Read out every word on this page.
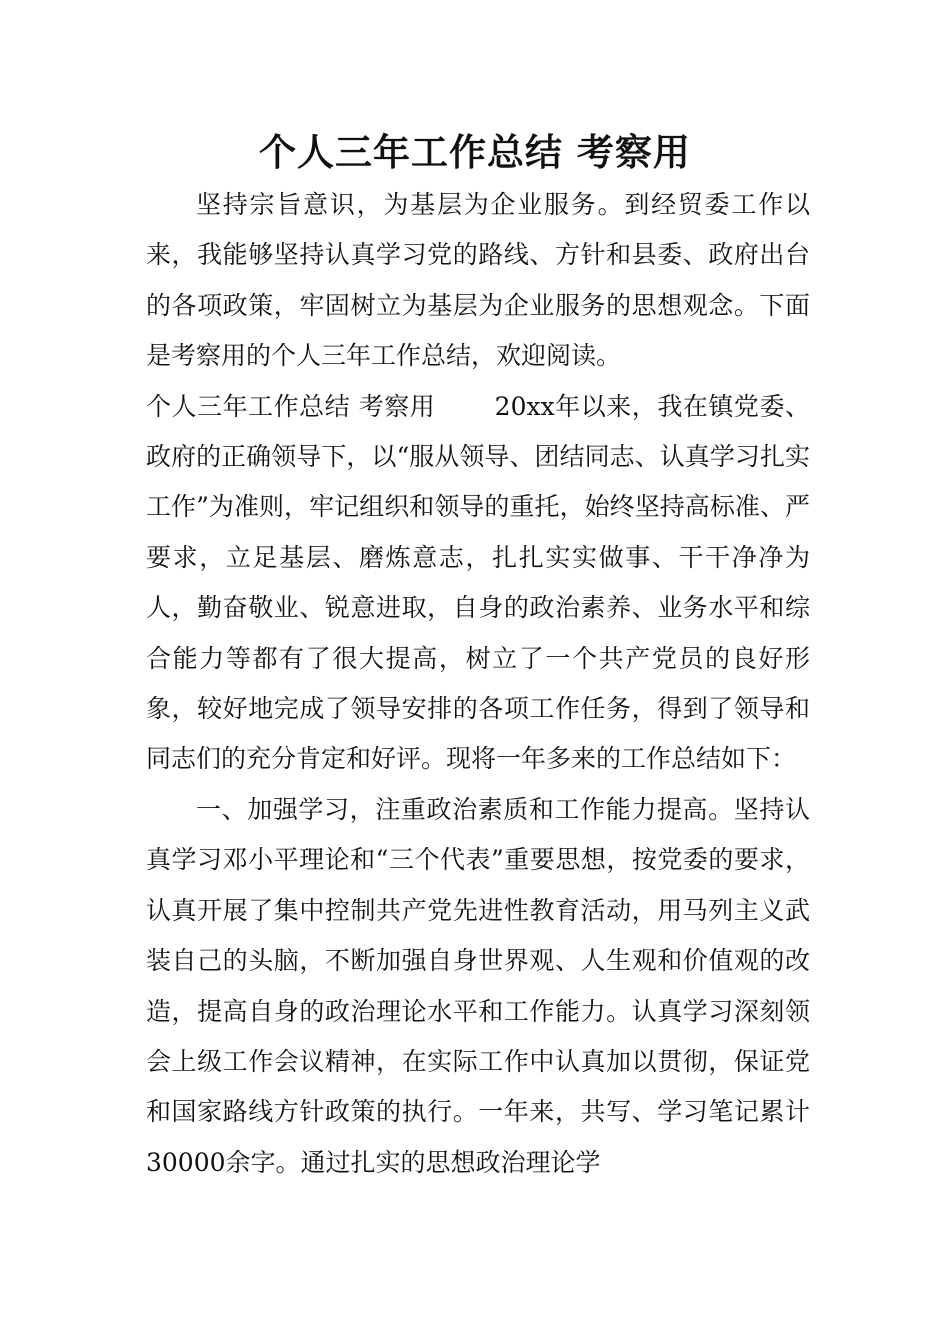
个人三年工作总结 考察用

坚持宗旨意识，为基层为企业服务。到经贸委工作以来，我能够坚持认真学习党的路线、方针和县委、政府出台的各项政策，牢固树立为基层为企业服务的思想观念。下面是考察用的个人三年工作总结，欢迎阅读。

个人三年工作总结 考察用 20xx年以来，我在镇党委、政府的正确领导下，以“服从领导、团结同志、认真学习扎实工作”为准则，牢记组织和领导的重托，始终坚持高标准、严要求，立足基层、磨炼意志，扎扎实实做事、干干净净为人，勤奋敬业、锐意进取，自身的政治素养、业务水平和综合能力等都有了很大提高，树立了一个共产党员的良好形象，较好地完成了领导安排的各项工作任务，得到了领导和同志们的充分肯定和好评。现将一年多来的工作总结如下：

一、加强学习，注重政治素质和工作能力提高。坚持认真学习邓小平理论和“三个代表”重要思想，按党委的要求，认真开展了集中控制共产党先进性教育活动，用马列主义武装自己的头脑，不断加强自身世界观、人生观和价值观的改造，提高自身的政治理论水平和工作能力。认真学习深刻领会上级工作会议精神，在实际工作中认真加以贯彻，保证党和国家路线方针政策的执行。一年来，共写、学习笔记累计30000余字。通过扎实的思想政治理论学
